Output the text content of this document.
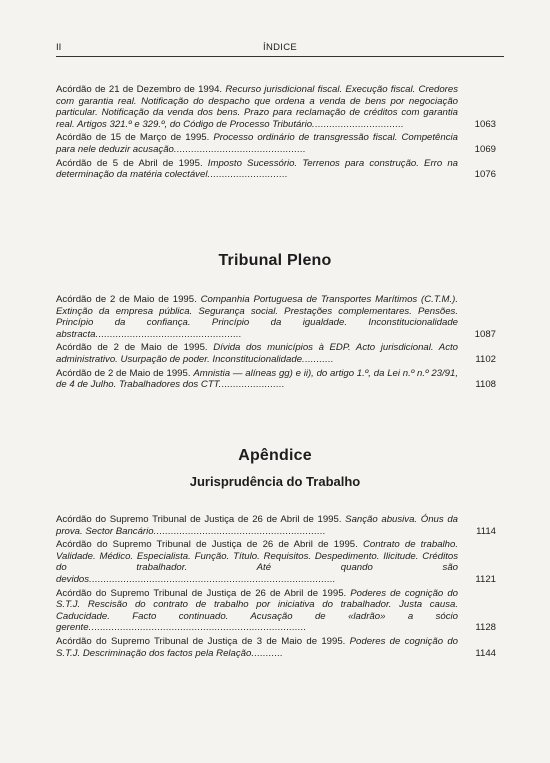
II	ÍNDICE
Acórdão de 21 de Dezembro de 1994. Recurso jurisdicional fiscal. Execução fiscal. Credores com garantia real. Notificação do despacho que ordena a venda de bens por negociação particular. Notificação da venda dos bens. Prazo para reclamação de créditos com garantia real. Artigos 321.º e 329.º, do Código de Processo Tributário................................	1063
Acórdão de 15 de Março de 1995. Processo ordinário de transgressão fiscal. Competência para nele deduzir acusação..............................................	1069
Acórdão de 5 de Abril de 1995. Imposto Sucessório. Terrenos para construção. Erro na determinação da matéria colectável............................	1076
Tribunal Pleno
Acórdão de 2 de Maio de 1995. Companhia Portuguesa de Transportes Marítimos (C.T.M.). Extinção da empresa pública. Segurança social. Prestações complementares. Pensões. Princípio da confiança. Princípio da igualdade. Inconstitucionalidade abstracta...................................................	1087
Acórdão de 2 de Maio de 1995. Dívida dos municípios à EDP. Acto jurisdicional. Acto administrativo. Usurpação de poder. Inconstitucionalidade...........	1102
Acórdão de 2 de Maio de 1995. Amnistia — alíneas gg) e ii), do artigo 1.º, da Lei n.º n.º 23/91, de 4 de Julho. Trabalhadores dos CTT.......................	1108
Apêndice
Jurisprudência do Trabalho
Acórdão do Supremo Tribunal de Justiça de 26 de Abril de 1995. Sanção abusiva. Ónus da prova. Sector Bancário............................................................	1114
Acórdão do Supremo Tribunal de Justiça de 26 de Abril de 1995. Contrato de trabalho. Validade. Médico. Especialista. Função. Título. Requisitos. Despedimento. Ilicitude. Créditos do trabalhador. Até quando são devidos......................................................................................	1121
Acórdão do Supremo Tribunal de Justiça de 26 de Abril de 1995. Poderes de cognição do S.T.J. Rescisão do contrato de trabalho por iniciativa do trabalhador. Justa causa. Caducidade. Facto continuado. Acusação de «ladrão» a sócio gerente............................................................................	1128
Acórdão do Supremo Tribunal de Justiça de 3 de Maio de 1995. Poderes de cognição do S.T.J. Descriminação dos factos pela Relação...........	1144
